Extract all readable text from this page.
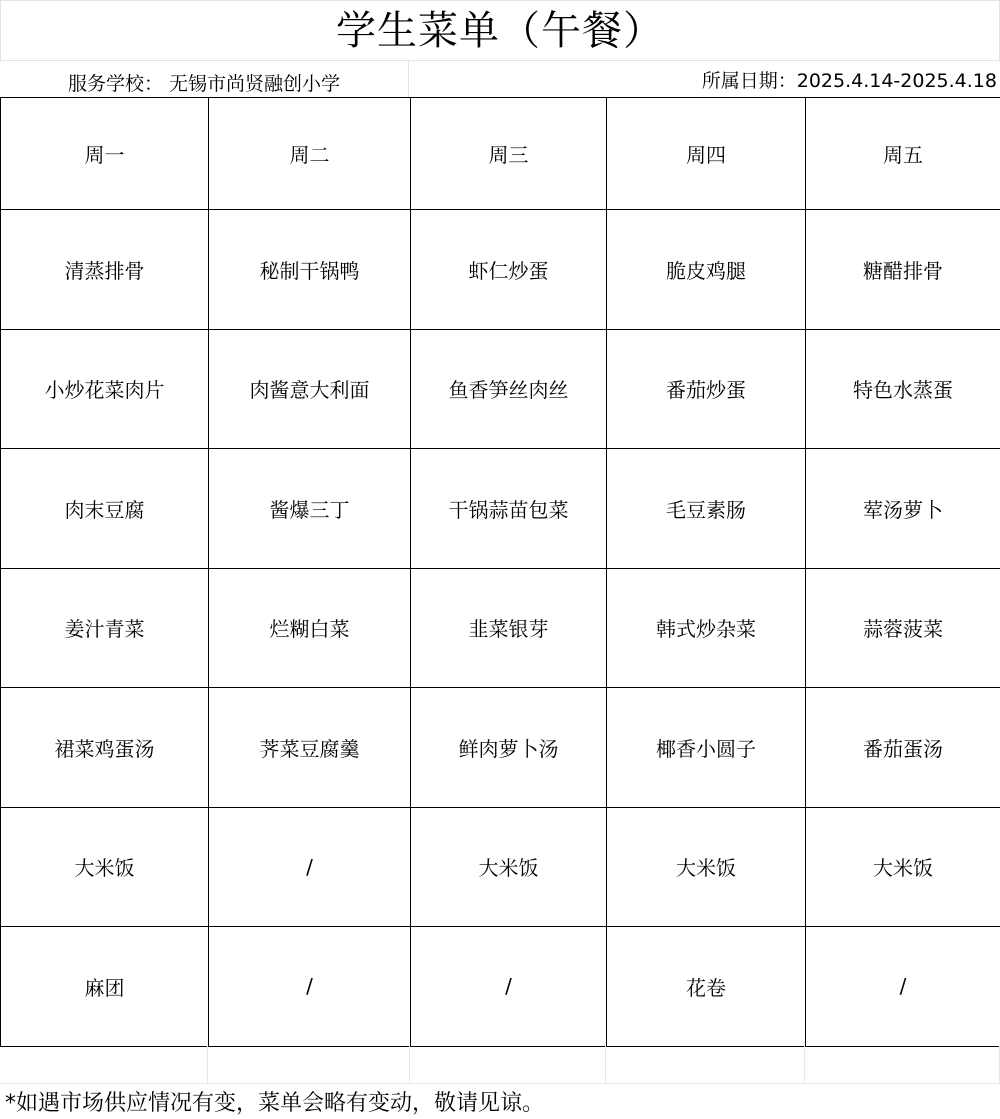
学生菜单（午餐）
服务学校： 无锡市尚贤融创小学	所属日期：2025.4.14-2025.4.18
周一	周二	周三	周四	周五
清蒸排骨	秘制干锅鸭	虾仁炒蛋	脆皮鸡腿	糖醋排骨
小炒花菜肉片	肉酱意大利面	鱼香笋丝肉丝	番茄炒蛋	特色水蒸蛋
肉末豆腐	酱爆三丁	干锅蒜苗包菜	毛豆素肠	荤汤萝卜
姜汁青菜	烂糊白菜	韭菜银芽	韩式炒杂菜	蒜蓉菠菜
裙菜鸡蛋汤	荠菜豆腐羹	鲜肉萝卜汤	椰香小圆子	番茄蛋汤
大米饭	/	大米饭	大米饭	大米饭
麻团	/	/	花卷	/
*如遇市场供应情况有变，菜单会略有变动，敬请见谅。
